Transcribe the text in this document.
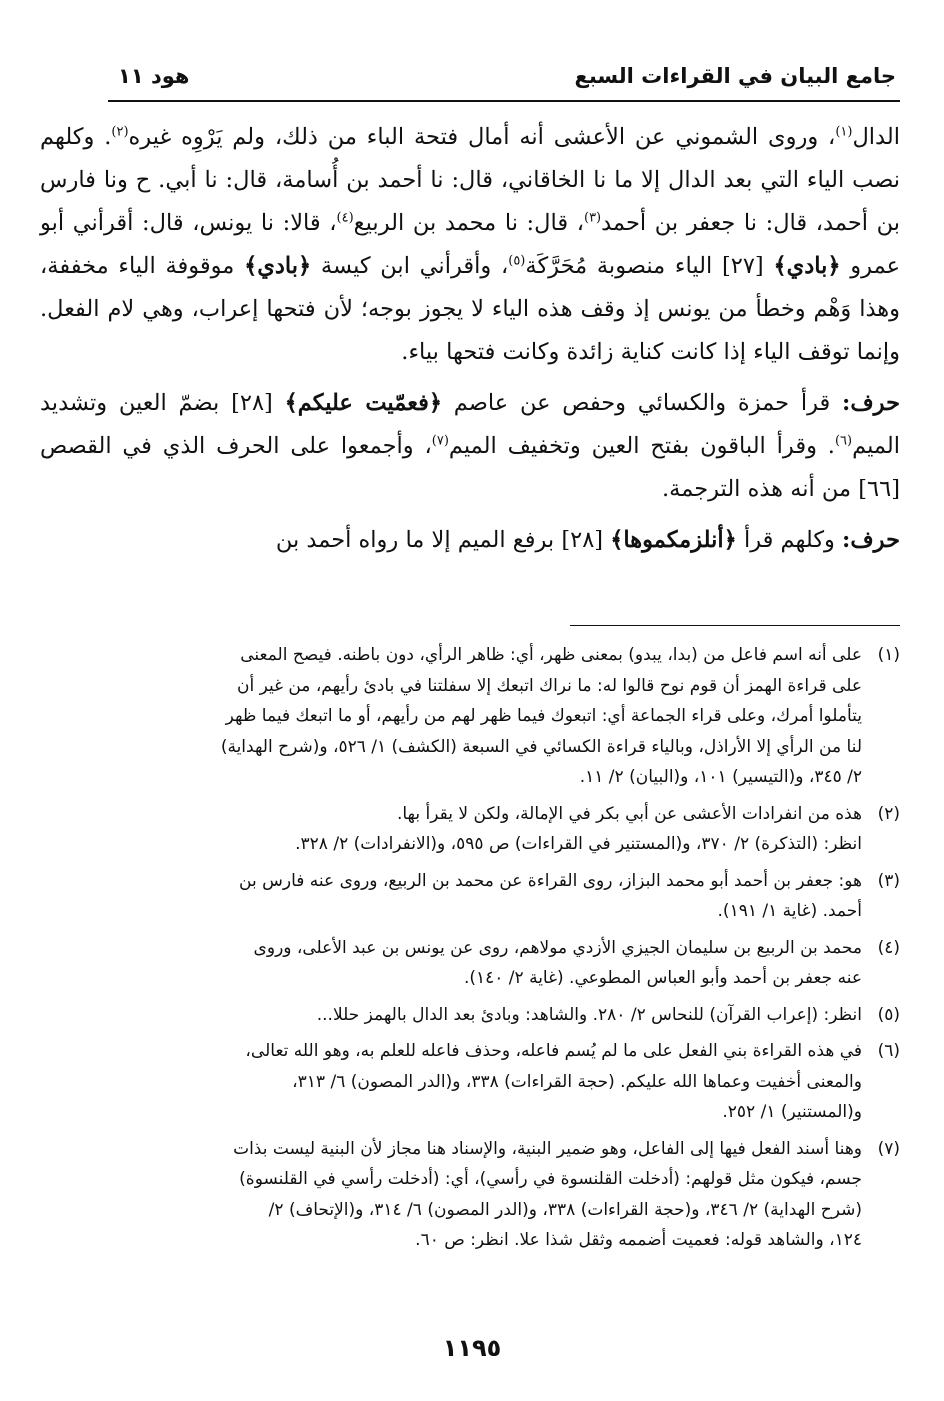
جامع البيان في القراءات السبع
هود ١١

الدال$^{(١)}$، وروى الشموني عن الأعشى أنه أمال فتحة الباء من ذلك، ولم يَرْوِه غيره$^{(٢)}$. وكلهم نصب الياء التي بعد الدال إلا ما نا الخاقاني، قال: نا أحمد بن أُسامة، قال: نا أبي. ح ونا فارس بن أحمد، قال: نا جعفر بن أحمد$^{(٣)}$، قال: نا محمد بن الربيع$^{(٤)}$، قالا: نا يونس، قال: أقرأني أبو عمرو ﴿بادي﴾ [٢٧] الياء منصوبة مُحَرَّكَة$^{(٥)}$، وأقرأني ابن كيسة ﴿بادي﴾ موقوفة الياء مخففة، وهذا وَهْم وخطأ من يونس إذ وقف هذه الياء لا يجوز بوجه؛ لأن فتحها إعراب، وهي لام الفعل. وإنما توقف الياء إذا كانت كناية زائدة وكانت فتحها بياء.

حرف: قرأ حمزة والكسائي وحفص عن عاصم ﴿فعمّيت عليكم﴾ [٢٨] بضمّ العين وتشديد الميم$^{(٦)}$. وقرأ الباقون بفتح العين وتخفيف الميم$^{(٧)}$، وأجمعوا على الحرف الذي في القصص [٦٦] من أنه هذه الترجمة.

حرف: وكلهم قرأ ﴿أنلزمكموها﴾ [٢٨] برفع الميم إلا ما رواه أحمد بن

(١)
على أنه اسم فاعل من (بدا، يبدو) بمعنى ظهر، أي: ظاهر الرأي، دون باطنه. فيصح المعنى
على قراءة الهمز أن قوم نوح قالوا له: ما نراك اتبعك إلا سفلتنا في بادئ رأيهم، من غير أن
يتأملوا أمرك، وعلى قراء الجماعة أي: اتبعوك فيما ظهر لهم من رأيهم، أو ما اتبعك فيما ظهر
لنا من الرأي إلا الأراذل، وبالياء قراءة الكسائي في السبعة (الكشف) ١/ ٥٢٦، و(شرح الهداية)
٢/ ٣٤٥، و(التيسير) ١٠١، و(البيان) ٢/ ١١.
(٢)
هذه من انفرادات الأعشى عن أبي بكر في الإمالة، ولكن لا يقرأ بها.
انظر: (التذكرة) ٢/ ٣٧٠، و(المستنير في القراءات) ص ٥٩٥، و(الانفرادات) ٢/ ٣٢٨.
(٣)
هو: جعفر بن أحمد أبو محمد البزاز، روى القراءة عن محمد بن الربيع، وروى عنه فارس بن
أحمد. (غاية ١/ ١٩١).
(٤)
محمد بن الربيع بن سليمان الجيزي الأزدي مولاهم، روى عن يونس بن عبد الأعلى، وروى
عنه جعفر بن أحمد وأبو العباس المطوعي. (غاية ٢/ ١٤٠).
(٥)
انظر: (إعراب القرآن) للنحاس ٢/ ٢٨٠. والشاهد: وبادئ بعد الدال بالهمز حللا...
(٦)
في هذه القراءة بني الفعل على ما لم يُسم فاعله، وحذف فاعله للعلم به، وهو الله تعالى،
والمعنى أخفيت وعماها الله عليكم. (حجة القراءات) ٣٣٨، و(الدر المصون) ٦/ ٣١٣،
و(المستنير) ١/ ٢٥٢.
(٧)
وهنا أسند الفعل فيها إلى الفاعل، وهو ضمير البنية، والإسناد هنا مجاز لأن البنية ليست بذات
جسم، فيكون مثل قولهم: (أدخلت القلنسوة في رأسي)، أي: (أدخلت رأسي في القلنسوة)
(شرح الهداية) ٢/ ٣٤٦، و(حجة القراءات) ٣٣٨، و(الدر المصون) ٦/ ٣١٤، و(الإتحاف) ٢/
١٢٤، والشاهد قوله: فعميت أضممه وثقل شذا علا. انظر: ص ٦٠.
١١٩٥
